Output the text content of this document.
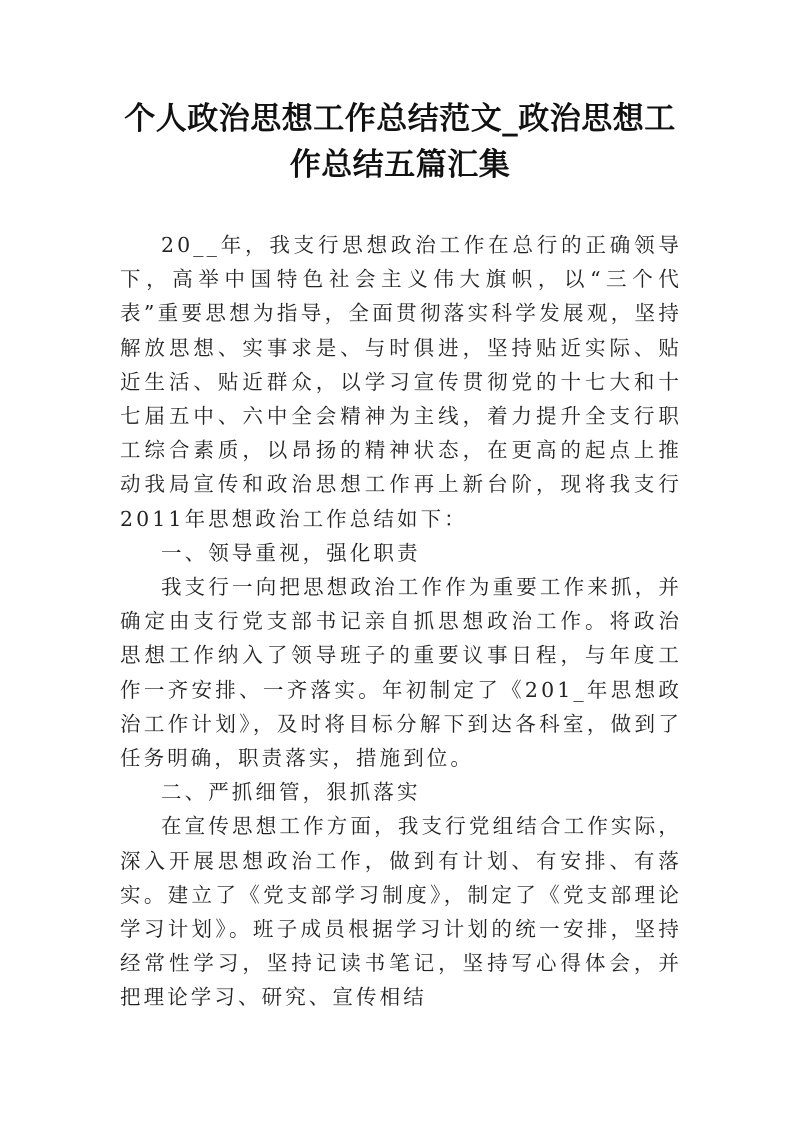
个人政治思想工作总结范文_政治思想工作总结五篇汇集

20__年，我支行思想政治工作在总行的正确领导下，高举中国特色社会主义伟大旗帜，以“三个代表”重要思想为指导，全面贯彻落实科学发展观，坚持解放思想、实事求是、与时俱进，坚持贴近实际、贴近生活、贴近群众，以学习宣传贯彻党的十七大和十七届五中、六中全会精神为主线，着力提升全支行职工综合素质，以昂扬的精神状态，在更高的起点上推动我局宣传和政治思想工作再上新台阶，现将我支行2011年思想政治工作总结如下：

一、领导重视，强化职责

我支行一向把思想政治工作作为重要工作来抓，并确定由支行党支部书记亲自抓思想政治工作。将政治思想工作纳入了领导班子的重要议事日程，与年度工作一齐安排、一齐落实。年初制定了《201_年思想政治工作计划》，及时将目标分解下到达各科室，做到了任务明确，职责落实，措施到位。

二、严抓细管，狠抓落实

在宣传思想工作方面，我支行党组结合工作实际，深入开展思想政治工作，做到有计划、有安排、有落实。建立了《党支部学习制度》，制定了《党支部理论学习计划》。班子成员根据学习计划的统一安排，坚持经常性学习，坚持记读书笔记，坚持写心得体会，并把理论学习、研究、宣传相结
